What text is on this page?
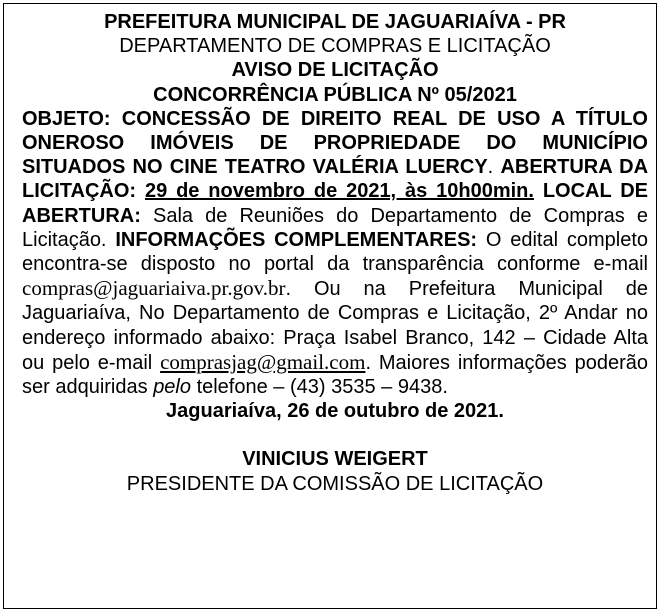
PREFEITURA MUNICIPAL DE JAGUARIAÍVA - PR

DEPARTAMENTO DE COMPRAS E LICITAÇÃO

AVISO DE LICITAÇÃO

CONCORRÊNCIA PÚBLICA Nº 05/2021

OBJETO: CONCESSÃO DE DIREITO REAL DE USO A TÍTULO ONEROSO IMÓVEIS DE PROPRIEDADE DO MUNICÍPIO SITUADOS NO CINE TEATRO VALÉRIA LUERCY. ABERTURA DA LICITAÇÃO: 29 de novembro de 2021, às 10h00min. LOCAL DE ABERTURA: Sala de Reuniões do Departamento de Compras e Licitação. INFORMAÇÕES COMPLEMENTARES: O edital completo encontra-se disposto no portal da transparência conforme e-mail compras@jaguariaiva.pr.gov.br. Ou na Prefeitura Municipal de Jaguariaíva, No Departamento de Compras e Licitação, 2º Andar no endereço informado abaixo: Praça Isabel Branco, 142 – Cidade Alta ou pelo e-mail comprasjag@gmail.com. Maiores informações poderão ser adquiridas pelo telefone – (43) 3535 – 9438.

Jaguariaíva, 26 de outubro de 2021.

VINICIUS WEIGERT

PRESIDENTE DA COMISSÃO DE LICITAÇÃO
